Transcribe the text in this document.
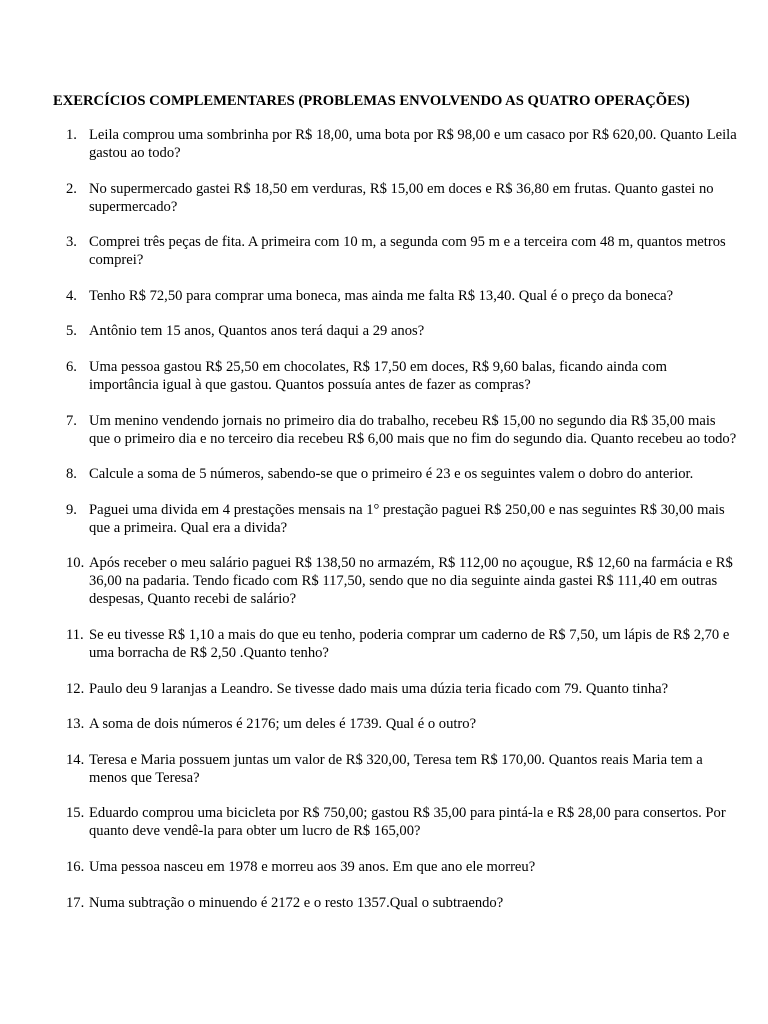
EXERCÍCIOS COMPLEMENTARES (PROBLEMAS ENVOLVENDO AS QUATRO OPERAÇÕES)
1. Leila comprou uma sombrinha por R$ 18,00, uma bota por R$ 98,00 e um casaco por R$ 620,00. Quanto Leila gastou ao todo?
2. No supermercado gastei R$ 18,50 em verduras, R$ 15,00 em doces e R$ 36,80 em frutas. Quanto gastei no supermercado?
3. Comprei três peças de fita. A primeira com 10 m, a segunda com 95 m e a terceira com 48 m, quantos metros comprei?
4. Tenho R$ 72,50 para comprar uma boneca, mas ainda me falta R$ 13,40. Qual é o preço da boneca?
5. Antônio tem 15 anos, Quantos anos terá daqui a 29 anos?
6. Uma pessoa gastou R$ 25,50 em chocolates, R$ 17,50 em doces, R$ 9,60 balas, ficando ainda com importância igual à que gastou. Quantos possuía antes de fazer as compras?
7. Um menino vendendo jornais no primeiro dia do trabalho, recebeu R$ 15,00 no segundo dia R$ 35,00 mais que o primeiro dia e no terceiro dia recebeu R$ 6,00 mais que no fim do segundo dia. Quanto recebeu ao todo?
8. Calcule a soma de 5 números, sabendo-se que o primeiro é 23 e os seguintes valem o dobro do anterior.
9. Paguei uma divida em 4 prestações mensais na 1° prestação paguei R$ 250,00 e nas seguintes R$ 30,00 mais que a primeira. Qual era a divida?
10. Após receber o meu salário paguei R$ 138,50 no armazém, R$ 112,00 no açougue, R$ 12,60 na farmácia e R$ 36,00 na padaria. Tendo ficado com R$ 117,50, sendo que no dia seguinte ainda gastei R$ 111,40 em outras despesas, Quanto recebi de salário?
11. Se eu tivesse R$ 1,10 a mais do que eu tenho, poderia comprar um caderno de R$ 7,50, um lápis de R$ 2,70 e uma borracha de R$ 2,50 .Quanto tenho?
12. Paulo deu 9 laranjas a Leandro. Se tivesse dado mais uma dúzia teria ficado com 79. Quanto tinha?
13. A soma de dois números é 2176; um deles é 1739. Qual é o outro?
14. Teresa e Maria possuem juntas um valor de R$ 320,00, Teresa tem R$ 170,00. Quantos reais Maria tem a menos que Teresa?
15. Eduardo comprou uma bicicleta por R$ 750,00; gastou R$ 35,00 para pintá-la e R$ 28,00 para consertos. Por quanto deve vendê-la para obter um lucro de R$ 165,00?
16. Uma pessoa nasceu em 1978 e morreu aos 39 anos. Em que ano ele morreu?
17. Numa subtração o minuendo é 2172 e o resto 1357.Qual o subtraendo?
